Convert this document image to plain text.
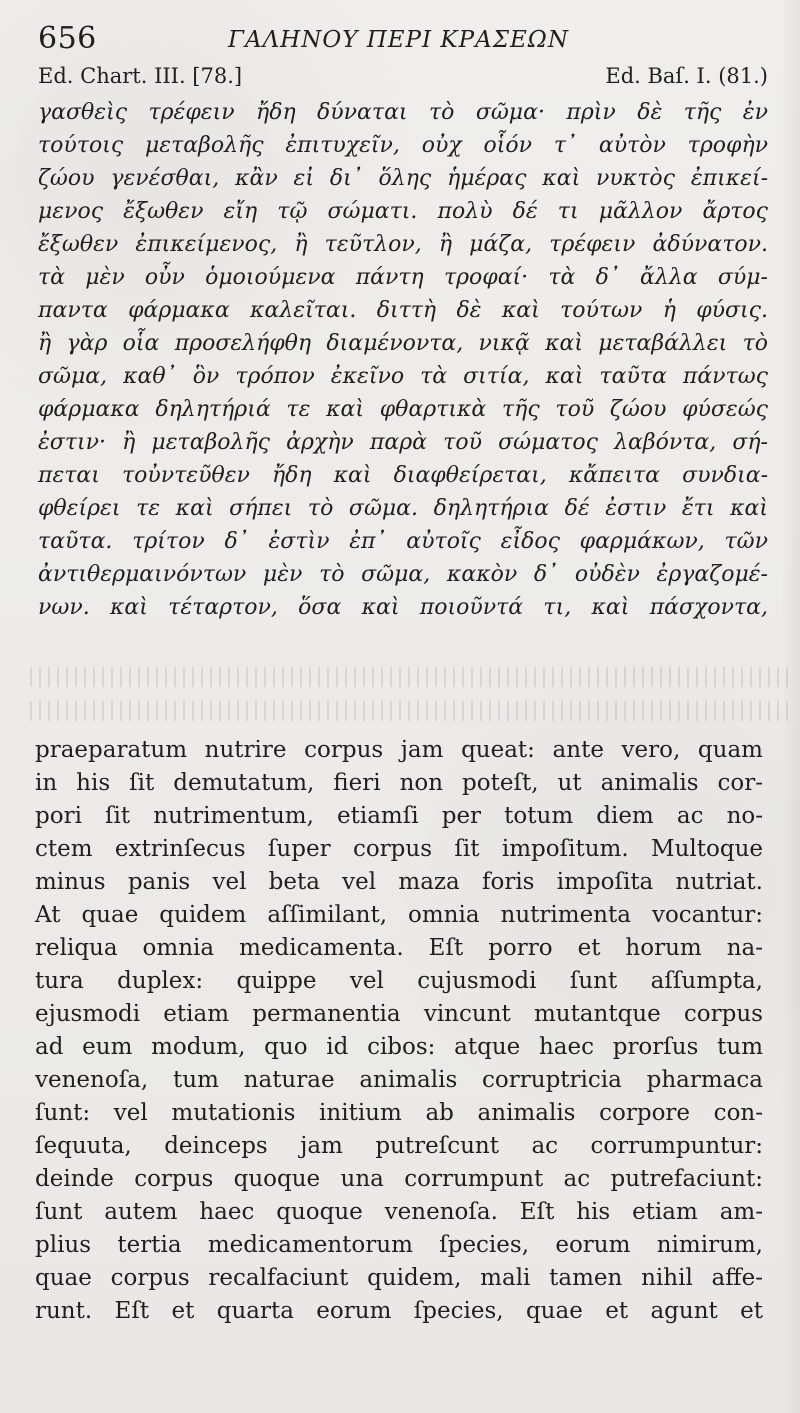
656	ΓΑΛΗΝΟΥ ΠΕΡΙ ΚΡΑΣΕΩΝ
Ed. Chart. III. [78.]	Ed. Baſ. I. (81.)
γασθεὶς τρέφειν ἤδη δύναται τὸ σῶμα· πρὶν δὲ τῆς ἐν
τούτοις μεταβολῆς ἐπιτυχεῖν, οὐχ οἷόν τ᾽ αὐτὸν τροφὴν
ζώου γενέσθαι, κἂν εἰ δι᾽ ὅλης ἡμέρας καὶ νυκτὸς ἐπικεί-
μενος ἔξωθεν εἴη τῷ σώματι. πολὺ δέ τι μᾶλλον ἄρτος
ἔξωθεν ἐπικείμενος, ἢ τεῦτλον, ἢ μάζα, τρέφειν ἀδύνατον.
τὰ μὲν οὖν ὁμοιούμενα πάντη τροφαί· τὰ δ᾽ ἄλλα σύμ-
παντα φάρμακα καλεῖται. διττὴ δὲ καὶ τούτων ἡ φύσις.
ἢ γὰρ οἷα προσελήφθη διαμένοντα, νικᾷ καὶ μεταβάλλει τὸ
σῶμα, καθ᾽ ὃν τρόπον ἐκεῖνο τὰ σιτία, καὶ ταῦτα πάντως
φάρμακα δηλητήριά τε καὶ φθαρτικὰ τῆς τοῦ ζώου φύσεώς
ἐστιν· ἢ μεταβολῆς ἀρχὴν παρὰ τοῦ σώματος λαβόντα, σή-
πεται τοὐντεῦθεν ἤδη καὶ διαφθείρεται, κἄπειτα συνδια-
φθείρει τε καὶ σήπει τὸ σῶμα. δηλητήρια δέ ἐστιν ἔτι καὶ
ταῦτα. τρίτον δ᾽ ἐστὶν ἐπ᾽ αὐτοῖς εἶδος φαρμάκων, τῶν
ἀντιθερμαινόντων μὲν τὸ σῶμα, κακὸν δ᾽ οὐδὲν ἐργαζομέ-
νων. καὶ τέταρτον, ὅσα καὶ ποιοῦντά τι, καὶ πάσχοντα,
praeparatum nutrire corpus jam queat: ante vero, quam
in his ſit demutatum, fieri non poteſt, ut animalis cor-
pori ſit nutrimentum, etiamſi per totum diem ac no-
ctem extrinſecus ſuper corpus ſit impoſitum. Multoque
minus panis vel beta vel maza foris impoſita nutriat.
At quae quidem aſſimilant, omnia nutrimenta vocantur:
reliqua omnia medicamenta. Eſt porro et horum na-
tura duplex: quippe vel cujusmodi ſunt aſſumpta,
ejusmodi etiam permanentia vincunt mutantque corpus
ad eum modum, quo id cibos: atque haec prorſus tum
venenoſa, tum naturae animalis corruptricia pharmaca
ſunt: vel mutationis initium ab animalis corpore con-
ſequuta, deinceps jam putreſcunt ac corrumpuntur:
deinde corpus quoque una corrumpunt ac putrefaciunt:
ſunt autem haec quoque venenoſa. Eſt his etiam am-
plius tertia medicamentorum ſpecies, eorum nimirum,
quae corpus recalfaciunt quidem, mali tamen nihil affe-
runt. Eſt et quarta eorum ſpecies, quae et agunt et
